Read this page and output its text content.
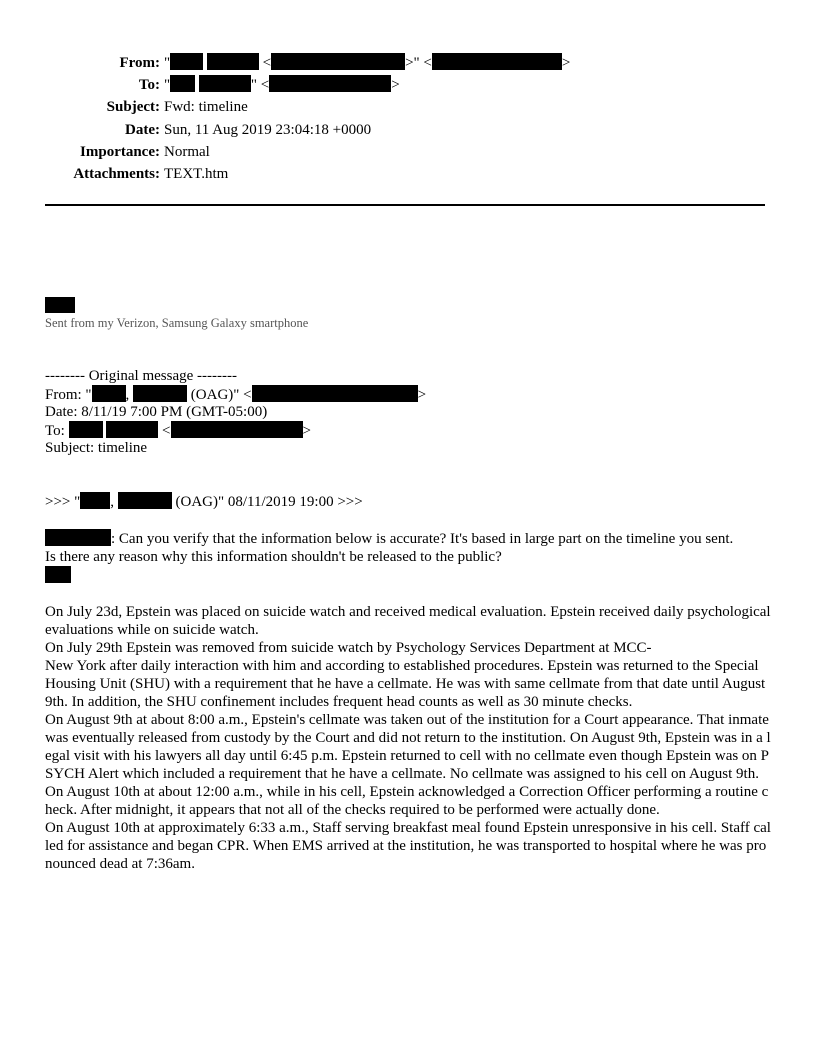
From: "	<	>" <	>
To: "	" <	>
Subject: Fwd: timeline
Date: Sun, 11 Aug 2019 23:04:18 +0000
Importance: Normal
Attachments: TEXT.htm
Sent from my Verizon, Samsung Galaxy smartphone
-------- Original message --------
From: " ,	(OAG)" <	>
Date: 8/11/19 7:00 PM (GMT-05:00)
To:	<	>
Subject: timeline
>>> " ,	(OAG)" 08/11/2019 19:00 >>>

: Can you verify that the information below is accurate? It's based in large part on the timeline you sent.

Is there any reason why this information shouldn't be released to the public?

On July 23d, Epstein was placed on suicide watch and received medical evaluation. Epstein received daily psychological evaluations while on suicide watch.

On July 29th Epstein was removed from suicide watch by Psychology Services Department at MCC-

New York after daily interaction with him and according to established procedures. Epstein was returned to the Special Housing Unit (SHU) with a requirement that he have a cellmate. He was with same cellmate from that date until August 9th. In addition, the SHU confinement includes frequent head counts as well as 30 minute checks.

On August 9th at about 8:00 a.m., Epstein's cellmate was taken out of the institution for a Court appearance. That inmate was eventually released from custody by the Court and did not return to the institution. On August 9th, Epstein was in a legal visit with his lawyers all day until 6:45 p.m. Epstein returned to cell with no cellmate even though Epstein was on PSYCH Alert which included a requirement that he have a cellmate. No cellmate was assigned to his cell on August 9th.

On August 10th at about 12:00 a.m., while in his cell, Epstein acknowledged a Correction Officer performing a routine check. After midnight, it appears that not all of the checks required to be performed were actually done.

On August 10th at approximately 6:33 a.m., Staff serving breakfast meal found Epstein unresponsive in his cell. Staff called for assistance and began CPR. When EMS arrived at the institution, he was transported to hospital where he was pronounced dead at 7:36am.
